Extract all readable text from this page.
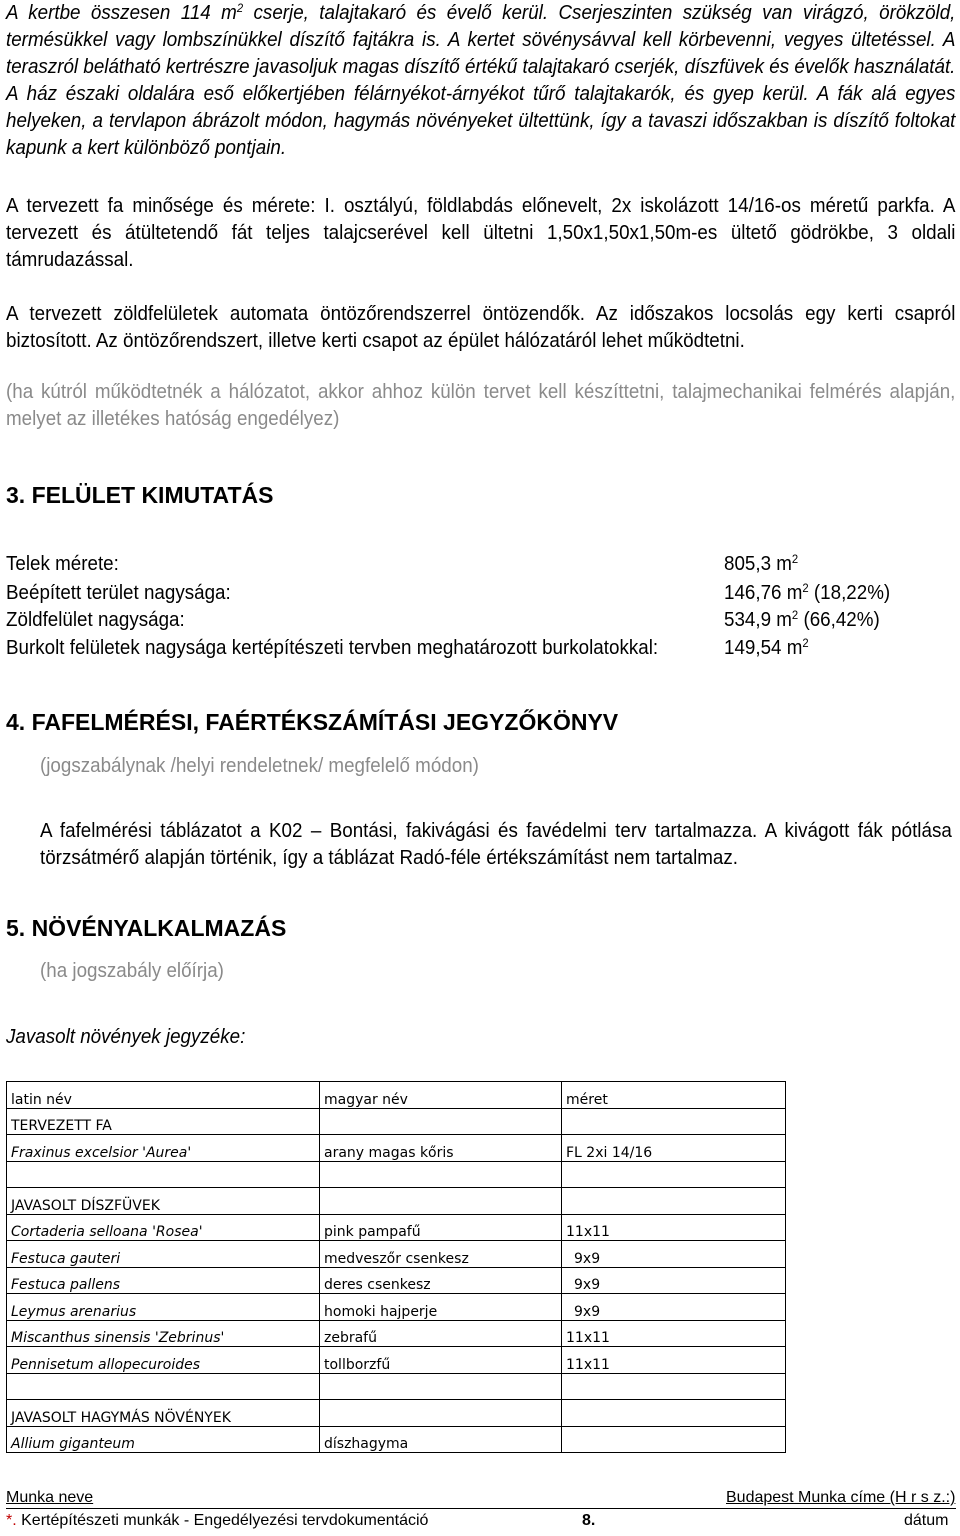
A kertbe összesen 114 $m^2$ cserje, talajtakaró és évelő kerül. Cserjeszinten szükség van virágzó, örökzöld, termésükkel vagy lombszínükkel díszítő fajtákra is. A kertet sövénysávval kell körbevenni, vegyes ültetéssel. A teraszról belátható kertrészre javasoljuk magas díszítő értékű talajtakaró cserjék, díszfüvek és évelők használatát. A ház északi oldalára eső előkertjében félárnyékot-árnyékot tűrő talajtakarók, és gyep kerül. A fák alá egyes helyeken, a tervlapon ábrázolt módon, hagymás növényeket ültettünk, így a tavaszi időszakban is díszítő foltokat kapunk a kert különböző pontjain.

A tervezett fa minősége és mérete: I. osztályú, földlabdás előnevelt, 2x iskolázott 14/16-os méretű parkfa. A tervezett és átültetendő fát teljes talajcserével kell ültetni 1,50x1,50x1,50m-es ültető gödrökbe, 3 oldali támrudazással.

A tervezett zöldfelületek automata öntözőrendszerrel öntözendők. Az időszakos locsolás egy kerti csapról biztosított. Az öntözőrendszert, illetve kerti csapot az épület hálózatáról lehet működtetni.

(ha kútról működtetnék a hálózatot, akkor ahhoz külön tervet kell készíttetni, talajmechanikai felmérés alapján, melyet az illetékes hatóság engedélyez)

3. FELÜLET KIMUTATÁS
Telek mérete:	805,3 $m^2$
Beépített terület nagysága:	146,76 $m^2$ (18,22%)
Zöldfelület nagysága:	534,9 $m^2$ (66,42%)
Burkolt felületek nagysága kertépítészeti tervben meghatározott burkolatokkal:	149,54 $m^2$
4. FAFELMÉRÉSI, FAÉRTÉKSZÁMÍTÁSI JEGYZŐKÖNYV
(jogszabálynak /helyi rendeletnek/ megfelelő módon)

A fafelmérési táblázatot a K02 – Bontási, fakivágási és favédelmi terv tartalmazza. A kivágott fák pótlása törzsátmérő alapján történik, így a táblázat Radó-féle értékszámítást nem tartalmaz.

5. NÖVÉNYALKALMAZÁS
(ha jogszabály előírja)
Javasolt növények jegyzéke:
latin név	magyar név	méret
TERVEZETT FA		
Fraxinus excelsior 'Aurea'	arany magas kőris	FL 2xi 14/16

JAVASOLT DÍSZFÜVEK		
Cortaderia selloana 'Rosea'	pink pampafű	11x11
Festuca gauteri	medveszőr csenkesz	9x9
Festuca pallens	deres csenkesz	9x9
Leymus arenarius	homoki hajperje	9x9
Miscanthus sinensis 'Zebrinus'	zebrafű	11x11
Pennisetum allopecuroides	tollborzfű	11x11

JAVASOLT HAGYMÁS NÖVÉNYEK		
Allium giganteum	díszhagyma	
Munka neve	Budapest Munka címe (H r s z.:)
*. Kertépítészeti munkák - Engedélyezési tervdokumentáció	8.	dátum
